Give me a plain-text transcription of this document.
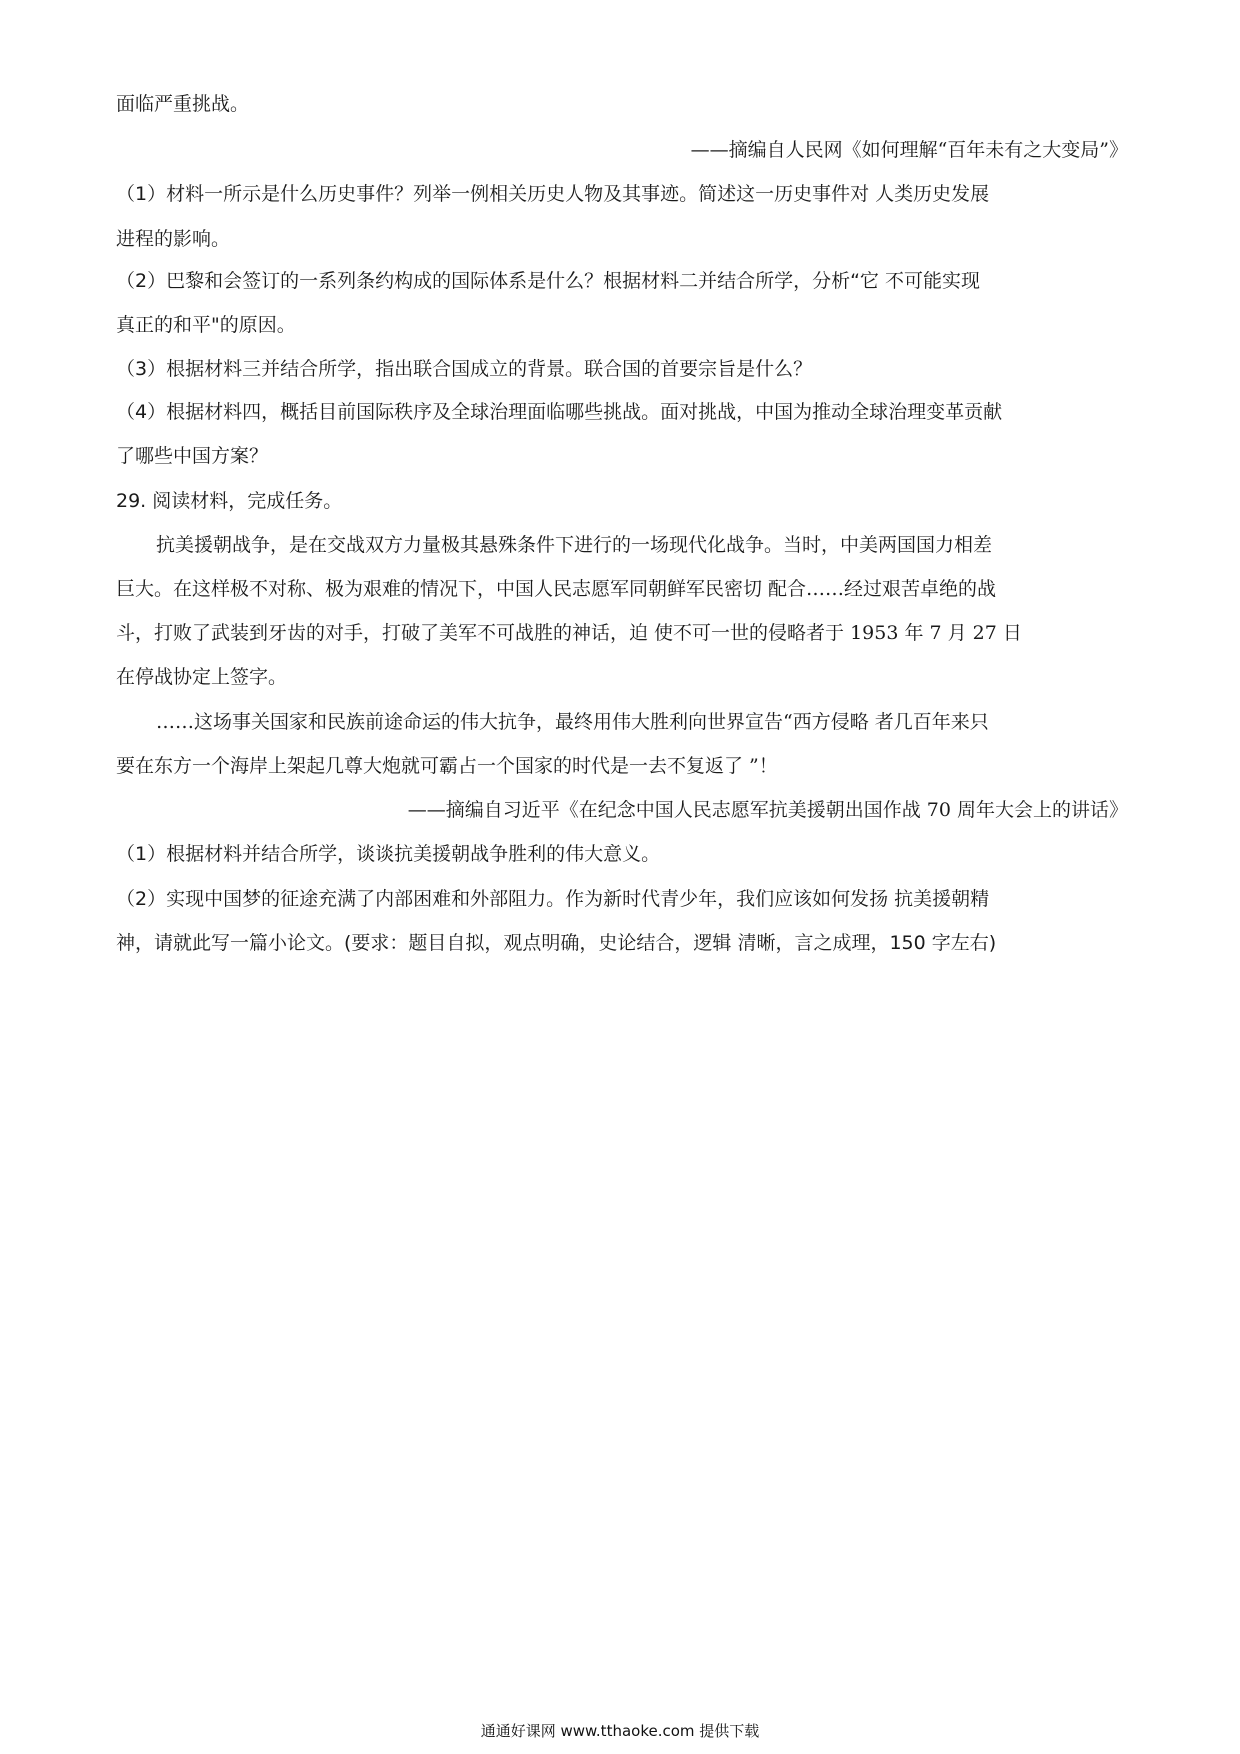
面临严重挑战。
——摘编自人民网《如何理解“百年未有之大变局”》
（1）材料一所示是什么历史事件？列举一例相关历史人物及其事迹。简述这一历史事件对 人类历史发展
进程的影响。
（2）巴黎和会签订的一系列条约构成的国际体系是什么？根据材料二并结合所学，分析“它 不可能实现
真正的和平"的原因。
（3）根据材料三并结合所学，指出联合国成立的背景。联合国的首要宗旨是什么？
（4）根据材料四，概括目前国际秩序及全球治理面临哪些挑战。面对挑战，中国为推动全球治理变革贡献
了哪些中国方案？
29. 阅读材料，完成任务。
抗美援朝战争，是在交战双方力量极其悬殊条件下进行的一场现代化战争。当时，中美两国国力相差
巨大。在这样极不对称、极为艰难的情况下，中国人民志愿军同朝鲜军民密切 配合……经过艰苦卓绝的战
斗，打败了武装到牙齿的对手，打破了美军不可战胜的神话，迫 使不可一世的侵略者于 1953 年 7 月 27 日
在停战协定上签字。
……这场事关国家和民族前途命运的伟大抗争，最终用伟大胜利向世界宣告“西方侵略 者几百年来只
要在东方一个海岸上架起几尊大炮就可霸占一个国家的时代是一去不复返了 ”！
——摘编自习近平《在纪念中国人民志愿军抗美援朝出国作战 70 周年大会上的讲话》
（1）根据材料并结合所学，谈谈抗美援朝战争胜利的伟大意义。
（2）实现中国梦的征途充满了内部困难和外部阻力。作为新时代青少年，我们应该如何发扬 抗美援朝精
神，请就此写一篇小论文。(要求：题目自拟，观点明确，史论结合，逻辑 清晰，言之成理，150 字左右)
通通好课网 www.tthaoke.com 提供下载
